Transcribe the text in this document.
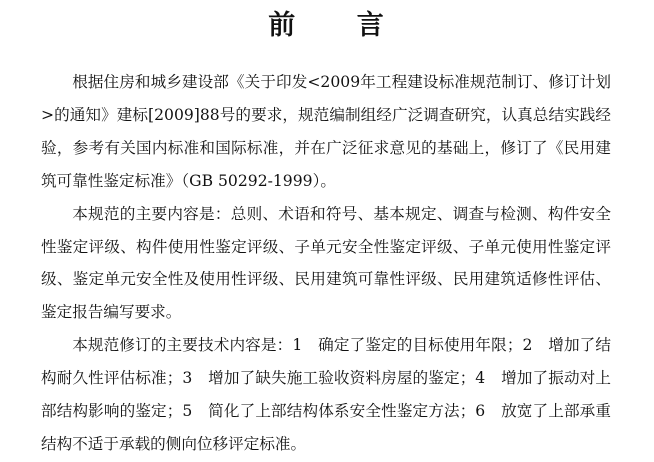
前 言

根据住房和城乡建设部《关于印发<2009年工程建设标准规范制订、修订计划>的通知》建标[2009]88号的要求，规范编制组经广泛调查研究，认真总结实践经验，参考有关国内标准和国际标准，并在广泛征求意见的基础上，修订了《民用建筑可靠性鉴定标准》（GB 50292-1999）。

本规范的主要内容是：总则、术语和符号、基本规定、调查与检测、构件安全性鉴定评级、构件使用性鉴定评级、子单元安全性鉴定评级、子单元使用性鉴定评级、鉴定单元安全性及使用性评级、民用建筑可靠性评级、民用建筑适修性评估、鉴定报告编写要求。

本规范修订的主要技术内容是：1　确定了鉴定的目标使用年限；2　增加了结构耐久性评估标准；3　增加了缺失施工验收资料房屋的鉴定；4　增加了振动对上部结构影响的鉴定；5　简化了上部结构体系安全性鉴定方法；6　放宽了上部承重结构不适于承载的侧向位移评定标准。
